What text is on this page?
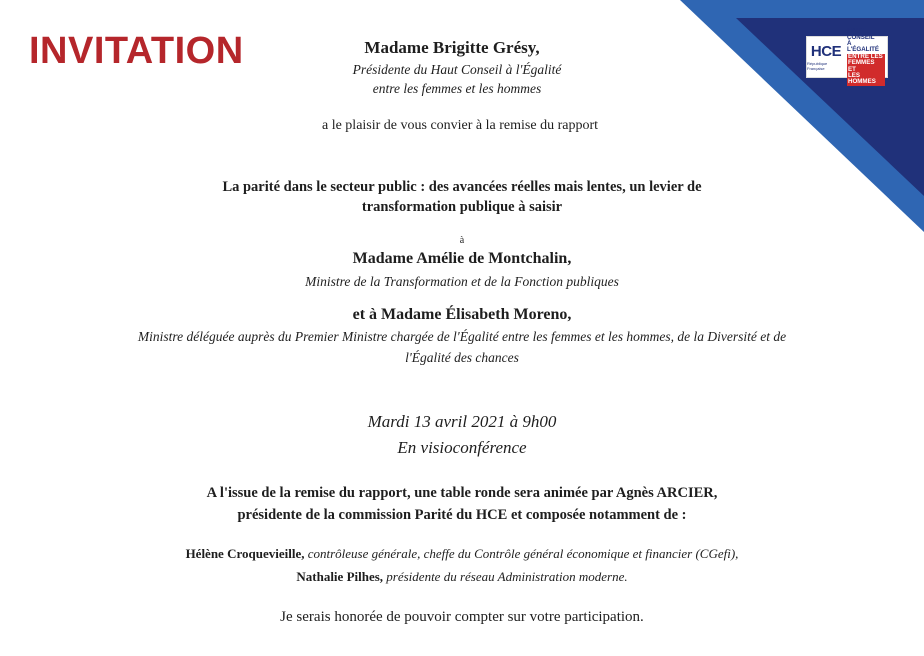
HCE
République Française
HAUT CONSEIL
À L'ÉGALITÉ
ENTRE LES
FEMMES ET
LES HOMMES
INVITATION	Madame Brigitte Grésy,
Présidente du Haut Conseil à l'Égalité
entre les femmes et les hommes
a le plaisir de vous convier à la remise du rapport
La parité dans le secteur public : des avancées réelles mais lentes, un levier de
transformation publique à saisir
à
Madame Amélie de Montchalin,
Ministre de la Transformation et de la Fonction publiques
et à Madame Élisabeth Moreno,
Ministre déléguée auprès du Premier Ministre chargée de l'Égalité entre les femmes et les hommes, de la Diversité et de
l'Égalité des chances
Mardi 13 avril 2021 à 9h00
En visioconférence
A l'issue de la remise du rapport, une table ronde sera animée par Agnès ARCIER,
présidente de la commission Parité du HCE et composée notamment de :
Hélène Croquevieille, contrôleuse générale, cheffe du Contrôle général économique et financier (CGefi),
Nathalie Pilhes, présidente du réseau Administration moderne.
Je serais honorée de pouvoir compter sur votre participation.
